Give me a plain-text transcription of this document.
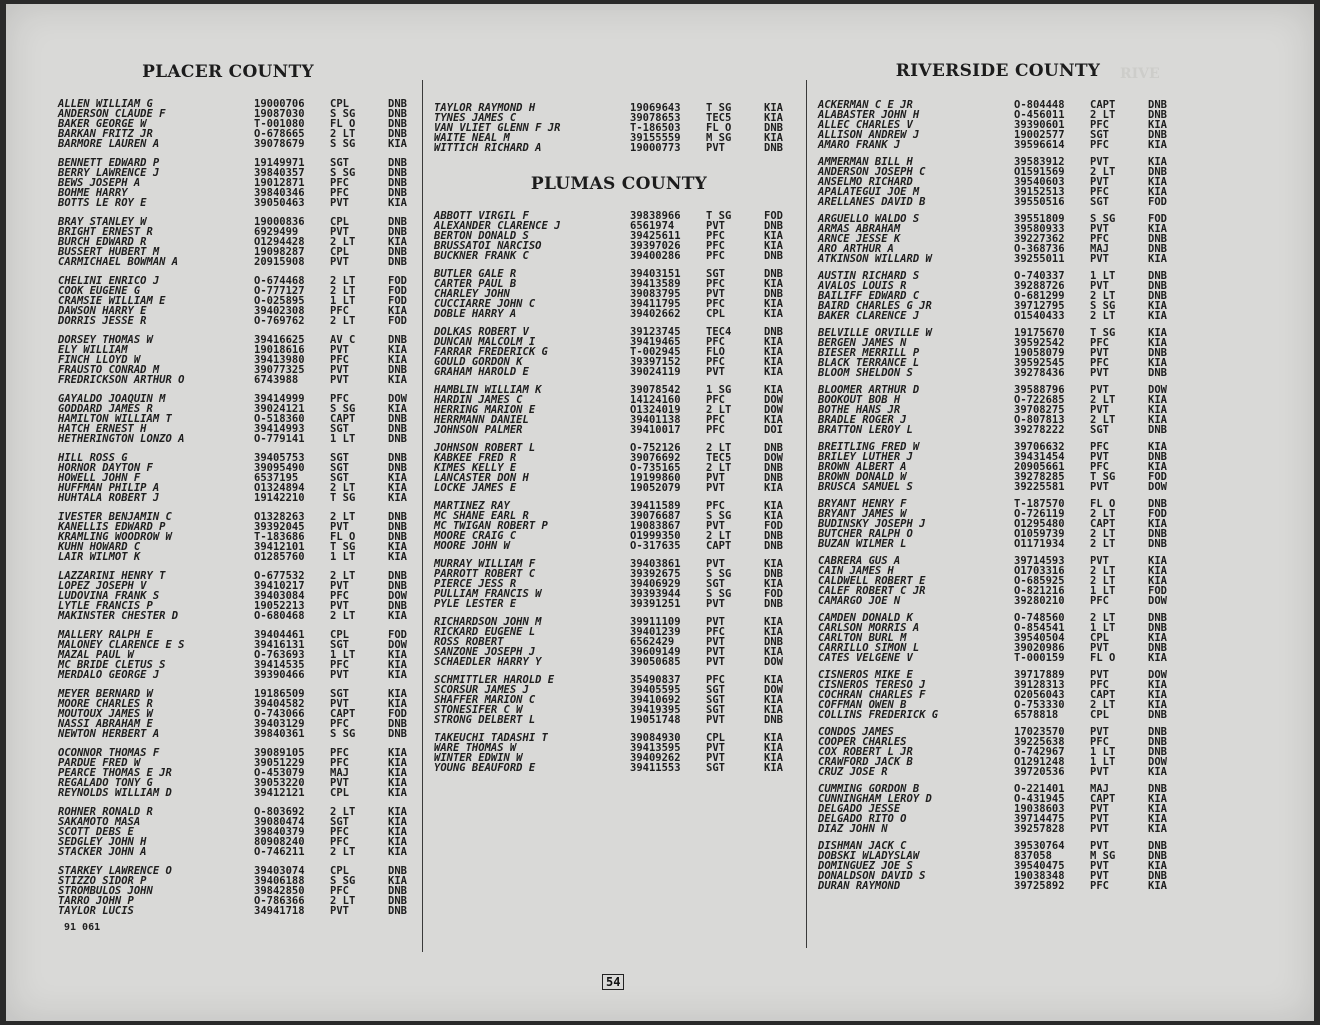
PLACER COUNTY
ALLEN WILLIAM G	19000706 CPL	DNB
ANDERSON CLAUDE F	19087030 S SG	DNB
BAKER GEORGE W	T-001080 FL O	DNB
BARKAN FRITZ JR	O-678665 2 LT	DNB
BARMORE LAUREN A	39078679 S SG	KIA
BENNETT EDWARD P	19149971 SGT	DNB
BERRY LAWRENCE J	39840357 S SG	DNB
BEWS JOSEPH A	19012871 PFC	DNB
BOHME HARRY	39840346 PFC	DNB
BOTTS LE ROY E	39050463 PVT	KIA
BRAY STANLEY W	19000836 CPL	DNB
BRIGHT ERNEST R	6929499	PVT	DNB
BURCH EDWARD R	O1294428 2 LT	KIA
BUSSERT HUBERT M	19098287 CPL	DNB
CARMICHAEL BOWMAN A	20915908 PVT	DNB
CHELINI ENRICO J	O-674468 2 LT	FOD
COOK EUGENE G	O-777127 2 LT	FOD
CRAMSIE WILLIAM E	O-025895 1 LT	FOD
DAWSON HARRY E	39402308 PFC	KIA
DORRIS JESSE R	O-769762 2 LT	FOD
DORSEY THOMAS W	39416625 AV C	DNB
ELY WILLIAM	19018616 PVT	KIA
FINCH LLOYD W	39413980 PFC	KIA
FRAUSTO CONRAD M	39077325 PVT	DNB
FREDRICKSON ARTHUR O	6743988	PVT	KIA
GAYALDO JOAQUIN M	39414999 PFC	DOW
GODDARD JAMES R	39024121 S SG	KIA
HAMILTON WILLIAM T	O-518360 CAPT	DNB
HATCH ERNEST H	39414993 SGT	DNB
HETHERINGTON LONZO A	O-779141 1 LT	DNB
HILL ROSS G	39405753 SGT	DNB
HORNOR DAYTON F	39095490 SGT	DNB
HOWELL JOHN F	6537195	SGT	KIA
HUFFMAN PHILIP A	O1324894 2 LT	KIA
HUHTALA ROBERT J	19142210 T SG	KIA
IVESTER BENJAMIN C	O1328263 2 LT	DNB
KANELLIS EDWARD P	39392045 PVT	DNB
KRAMLING WOODROW W	T-183686 FL O	DNB
KUHN HOWARD C	39412101 T SG	KIA
LAIR WILMOT K	O1285760 1 LT	KIA
LAZZARINI HENRY T	O-677532 2 LT	DNB
LOPEZ JOSEPH V	39410217 PVT	DNB
LUDOVINA FRANK S	39403084 PFC	DOW
LYTLE FRANCIS P	19052213 PVT	DNB
MAKINSTER CHESTER D	O-680468 2 LT	KIA
MALLERY RALPH E	39404461 CPL	FOD
MALONEY CLARENCE E S	39416131 SGT	DOW
MAZAL PAUL W	O-763693 1 LT	KIA
MC BRIDE CLETUS S	39414535 PFC	KIA
MERDALO GEORGE J	39390466 PVT	KIA
MEYER BERNARD W	19186509 SGT	KIA
MOORE CHARLES R	39404582 PVT	KIA
MOUTOUX JAMES W	O-743066 CAPT	FOD
NASSI ABRAHAM E	39403129 PFC	DNB
NEWTON HERBERT A	39840361 S SG	DNB
OCONNOR THOMAS F	39089105 PFC	KIA
PARDUE FRED W	39051229 PFC	KIA
PEARCE THOMAS E JR	O-453079 MAJ	KIA
REGALADO TONY G	39053220 PVT	KIA
REYNOLDS WILLIAM D	39412121 CPL	KIA
ROHNER RONALD R	O-803692 2 LT	KIA
SAKAMOTO MASA	39080474 SGT	KIA
SCOTT DEBS E	39840379 PFC	KIA
SEDGLEY JOHN H	80908240 PFC	KIA
STACKER JOHN A	O-746211 2 LT	KIA
STARKEY LAWRENCE O	39403074 CPL	DNB
STIZZO SIDOR P	39406188 S SG	KIA
STROMBULOS JOHN	39842850 PFC	DNB
TARRO JOHN P	O-786366 2 LT	DNB
TAYLOR LUCIS	34941718 PVT	DNB
TAYLOR RAYMOND H	19069643 T SG	KIA
TYNES JAMES C	39078653 TEC5	KIA
VAN VLIET GLENN F JR	T-186503 FL O	DNB
WAITE NEAL M	39155559 M SG	KIA
WITTICH RICHARD A	19000773 PVT	DNB
PLUMAS COUNTY
ABBOTT VIRGIL F	39838966 T SG	FOD
ALEXANDER CLARENCE J	6561974	PVT	DNB
BERTON DONALD S	39425611 PFC	KIA
BRUSSATOI NARCISO	39397026 PFC	KIA
BUCKNER FRANK C	39400286 PFC	DNB
BUTLER GALE R	39403151 SGT	DNB
CARTER PAUL B	39413589 PFC	KIA
CHARLEY JOHN	39083795 PVT	DNB
CUCCIARRE JOHN C	39411795 PFC	KIA
DOBLE HARRY A	39402662 CPL	KIA
DOLKAS ROBERT V	39123745 TEC4	DNB
DUNCAN MALCOLM I	39419465 PFC	KIA
FARRAR FREDERICK G	T-002945 FLO	KIA
GOULD GORDON K	39397152 PFC	KIA
GRAHAM HAROLD E	39024119 PVT	KIA
HAMBLIN WILLIAM K	39078542 1 SG	KIA
HARDIN JAMES C	14124160 PFC	DOW
HERRING MARION E	O1324019 2 LT	DOW
HERRMANN DANIEL	39401138 PFC	KIA
JOHNSON PALMER	39410017 PFC	DOI
JOHNSON ROBERT L	O-752126 2 LT	DNB
KABKEE FRED R	39076692 TEC5	DOW
KIMES KELLY E	O-735165 2 LT	DNB
LANCASTER DON H	19199860 PVT	DNB
LOCKE JAMES E	19052079 PVT	KIA
MARTINEZ RAY	39411589 PFC	KIA
MC SHANE EARL R	39076687 S SG	KIA
MC TWIGAN ROBERT P	19083867 PVT	FOD
MOORE CRAIG C	O1999350 2 LT	DNB
MOORE JOHN W	O-317635 CAPT	DNB
MURRAY WILLIAM F	39403861 PVT	KIA
PARROTT ROBERT C	39392675 S SG	DNB
PIERCE JESS R	39406929 SGT	KIA
PULLIAM FRANCIS W	39393944 S SG	FOD
PYLE LESTER E	39391251 PVT	DNB
RICHARDSON JOHN M	39911109 PVT	KIA
RICKARD EUGENE L	39401239 PFC	KIA
ROSS ROBERT	6562429	PVT	DNB
SANZONE JOSEPH J	39609149 PVT	KIA
SCHAEDLER HARRY Y	39050685 PVT	DOW
SCHMITTLER HAROLD E	35490837 PFC	KIA
SCORSUR JAMES J	39405595 SGT	DOW
SHAFFER MARION C	39410692 SGT	KIA
STONESIFER C W	39419395 SGT	KIA
STRONG DELBERT L	19051748 PVT	DNB
TAKEUCHI TADASHI T	39084930 CPL	KIA
WARE THOMAS W	39413595 PVT	KIA
WINTER EDWIN W	39409262 PVT	KIA
YOUNG BEAUFORD E	39411553 SGT	KIA
RIVERSIDE COUNTY
ACKERMAN C E JR	O-804448 CAPT	DNB
ALABASTER JOHN H	O-456011 2 LT	DNB
ALLEC CHARLES V	39390601 PFC	KIA
ALLISON ANDREW J	19002577 SGT	DNB
AMARO FRANK J	39596614 PFC	KIA
AMMERMAN BILL H	39583912 PVT	KIA
ANDERSON JOSEPH C	O1591569 2 LT	DNB
ANSELMO RICHARD	39540603 PVT	KIA
APALATEGUI JOE M	39152513 PFC	KIA
ARELLANES DAVID B	39550516 SGT	FOD
ARGUELLO WALDO S	39551809 S SG	FOD
ARMAS ABRAHAM	39580933 PVT	KIA
ARNCE JESSE K	39227362 PFC	DNB
ARO ARTHUR A	O-368736 MAJ	DNB
ATKINSON WILLARD W	39255011 PVT	KIA
AUSTIN RICHARD S	O-740337 1 LT	DNB
AVALOS LOUIS R	39288726 PVT	DNB
BAILIFF EDWARD C	O-681299 2 LT	DNB
BAIRD CHARLES G JR	39712795 S SG	KIA
BAKER CLARENCE J	O1540433 2 LT	KIA
BELVILLE ORVILLE W	19175670 T SG	KIA
BERGEN JAMES N	39592542 PFC	KIA
BIESER MERRILL P	19058079 PVT	DNB
BLACK TERRANCE L	39592545 PFC	KIA
BLOOM SHELDON S	39278436 PVT	DNB
BLOOMER ARTHUR D	39588796 PVT	DOW
BOOKOUT BOB H	O-722685 2 LT	KIA
BOTHE HANS JR	39708275 PVT	KIA
BRADLE ROGER J	O-807813 2 LT	KIA
BRATTON LEROY L	39278222 SGT	DNB
BREITLING FRED W	39706632 PFC	KIA
BRILEY LUTHER J	39431454 PVT	DNB
BROWN ALBERT A	20905661 PFC	KIA
BROWN DONALD W	39278285 T SG	FOD
BRUSCA SAMUEL S	39225581 PVT	DOW
BRYANT HENRY F	T-187570 FL O	DNB
BRYANT JAMES W	O-726119 2 LT	FOD
BUDINSKY JOSEPH J	O1295480 CAPT	KIA
BUTCHER RALPH O	O1059739 2 LT	DNB
BUZAN WILMER L	O1171934 2 LT	DNB
CABRERA GUS A	39714593 PVT	KIA
CAIN JAMES H	O1703316 2 LT	KIA
CALDWELL ROBERT E	O-685925 2 LT	KIA
CALEF ROBERT C JR	O-821216 1 LT	FOD
CAMARGO JOE N	39280210 PFC	DOW
CAMDEN DONALD K	O-748560 2 LT	DNB
CARLSON MORRIS A	O-854541 1 LT	DNB
CARLTON BURL M	39540504 CPL	KIA
CARRILLO SIMON L	39020986 PVT	DNB
CATES VELGENE V	T-000159 FL O	KIA
CISNEROS MIKE E	39717889 PVT	DOW
CISNEROS TERESO J	39128313 PFC	KIA
COCHRAN CHARLES F	O2056043 CAPT	KIA
COFFMAN OWEN B	O-753330 2 LT	KIA
COLLINS FREDERICK G	6578818	CPL	DNB
CONDOS JAMES	17023570 PVT	DNB
COOPER CHARLES	39225638 PFC	DNB
COX ROBERT L JR	O-742967 1 LT	DNB
CRAWFORD JACK B	O1291248 1 LT	DOW
CRUZ JOSE R	39720536 PVT	KIA
CUMMING GORDON B	O-221401 MAJ	DNB
CUNNINGHAM LEROY D	O-431945 CAPT	KIA
DELGADO JESSE	19038603 PVT	KIA
DELGADO RITO O	39714475 PVT	KIA
DIAZ JOHN N	39257828 PVT	KIA
DISHMAN JACK C	39530764 PVT	DNB
DOBSKI WLADYSLAW	837058	M SG	DNB
DOMINGUEZ JOE S	39540475 PVT	KIA
DONALDSON DAVID S	19038348 PVT	DNB
DURAN RAYMOND	39725892 PFC	KIA
RIVE
91 061
54
